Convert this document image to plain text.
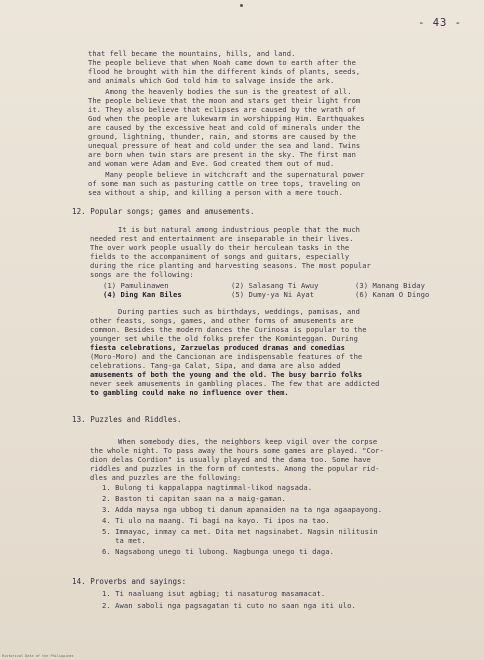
- 43 -
that fell became the mountains, hills, and land.
The people believe that when Noah came down to earth after the
flood he brought with him the different kinds of plants, seeds,
and animals which God told him to salvage inside the ark.
Among the heavenly bodies the sun is the greatest of all.
The people believe that the moon and stars get their light from
it. They also believe that eclipses are caused by the wrath of
God when the people are lukewarm in worshipping Him. Earthquakes
are caused by the excessive heat and cold of minerals under the
ground, lightning, thunder, rain, and storms are caused by the
unequal pressure of heat and cold under the sea and land. Twins
are born when twin stars are present in the sky. The first man
and woman were Adam and Eve. God created them out of mud.
Many people believe in witchcraft and the supernatural power
of some man such as pasturing cattle on tree tops, traveling on
sea without a ship, and killing a person with a mere touch.
12. Popular songs; games and amusements.
It is but natural among industrious people that the much
needed rest and entertainment are inseparable in their lives.
The over work people usually do their herculean tasks in the
fields to the accompaniment of songs and guitars, especially
during the rice planting and harvesting seasons. The most popular
songs are the following:
(1) Pamulinawen	(2) Salasang Ti Awuy	(3) Manang Biday
(4) Ding Kan Biles	(5) Dumy-ya Ni Ayat	(6) Kanam O Dingo
During parties such as birthdays, weddings, pamisas, and
other feasts, songs, games, and other forms of amusements are
common. Besides the modern dances the Curinosa is popular to the
younger set while the old folks prefer the Kominteggan. During
fiesta celebrations, Zarzuelas produced dramas and comedias
(Moro-Moro) and the Cancionan are indispensable features of the
celebrations. Tang-ga Calat, Sipa, and dama are also added
amusements of both the young and the old. The busy barrio folks
never seek amusements in gambling places. The few that are addicted
to gambling could make no influence over them.
13. Puzzles and Riddles.
When somebody dies, the neighbors keep vigil over the corpse
the whole night. To pass away the hours some games are played. "Cor-
dion delas Cordion" is usually played and the dama too. Some have
riddles and puzzles in the form of contests. Among the popular rid-
dles and puzzles are the following:
1. Bulong ti kappalappa nagtimmal-likod nagsada.
2. Baston ti capitan saan na a maig-gaman.
3. Adda maysa nga ubbog ti danum apanaiden na ta nga agaapayong.
4. Ti ulo na maang. Ti bagi na kayo. Ti ipos na tao.
5. Immayac, inmay ca met. Dita met nagsinabet. Nagsin nilitusin
ta met.
6. Nagsabong unego ti lubong. Nagbunga unego ti daga.
14. Proverbs and sayings:
1. Ti naaluang isut agbiag; ti nasaturog masamacat.
2. Awan saboli nga pagsagatan ti cuto no saan nga iti ulo.
Historical Data of the Philippines
